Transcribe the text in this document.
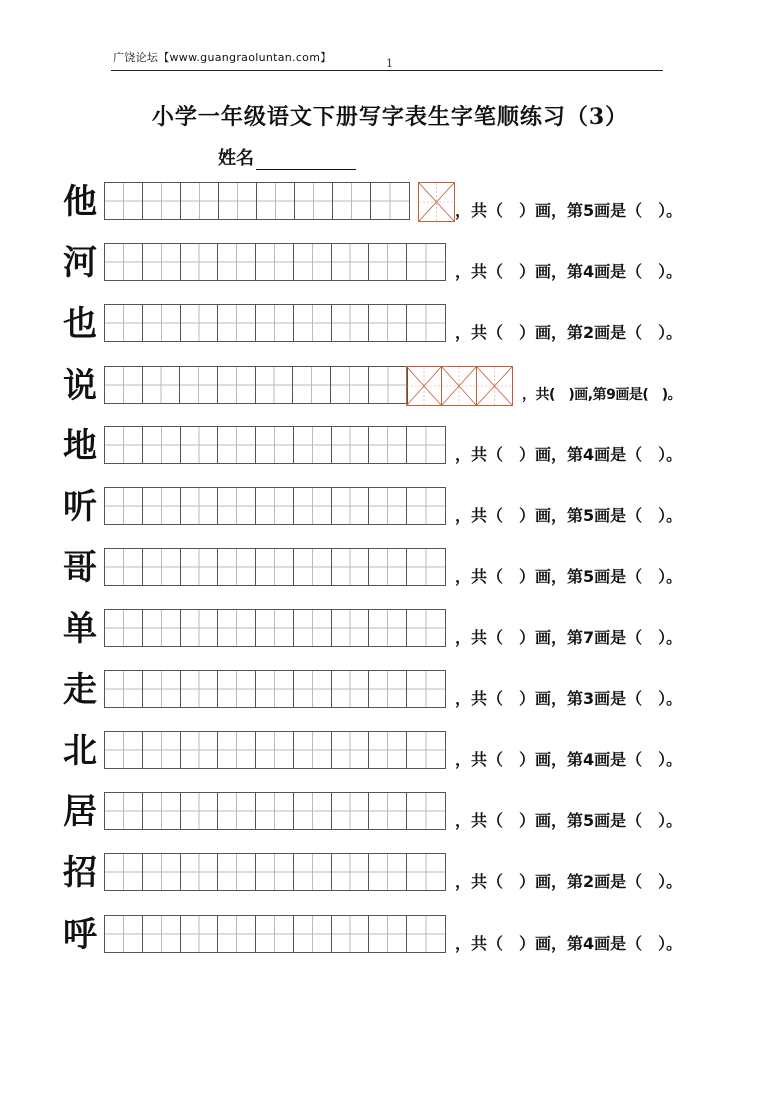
广饶论坛【www.guangraoluntan.com】	1
小学一年级语文下册写字表生字笔顺练习（3）
姓名
他	，共（　）画，第5画是（　）。
河	，共（　）画，第4画是（　）。
也	，共（　）画，第2画是（　）。
说	，共(　)画,第9画是(　)。
地	，共（　）画，第4画是（　）。
听	，共（　）画，第5画是（　）。
哥	，共（　）画，第5画是（　）。
单	，共（　）画，第7画是（　）。
走	，共（　）画，第3画是（　）。
北	，共（　）画，第4画是（　）。
居	，共（　）画，第5画是（　）。
招	，共（　）画，第2画是（　）。
呼	，共（　）画，第4画是（　）。
